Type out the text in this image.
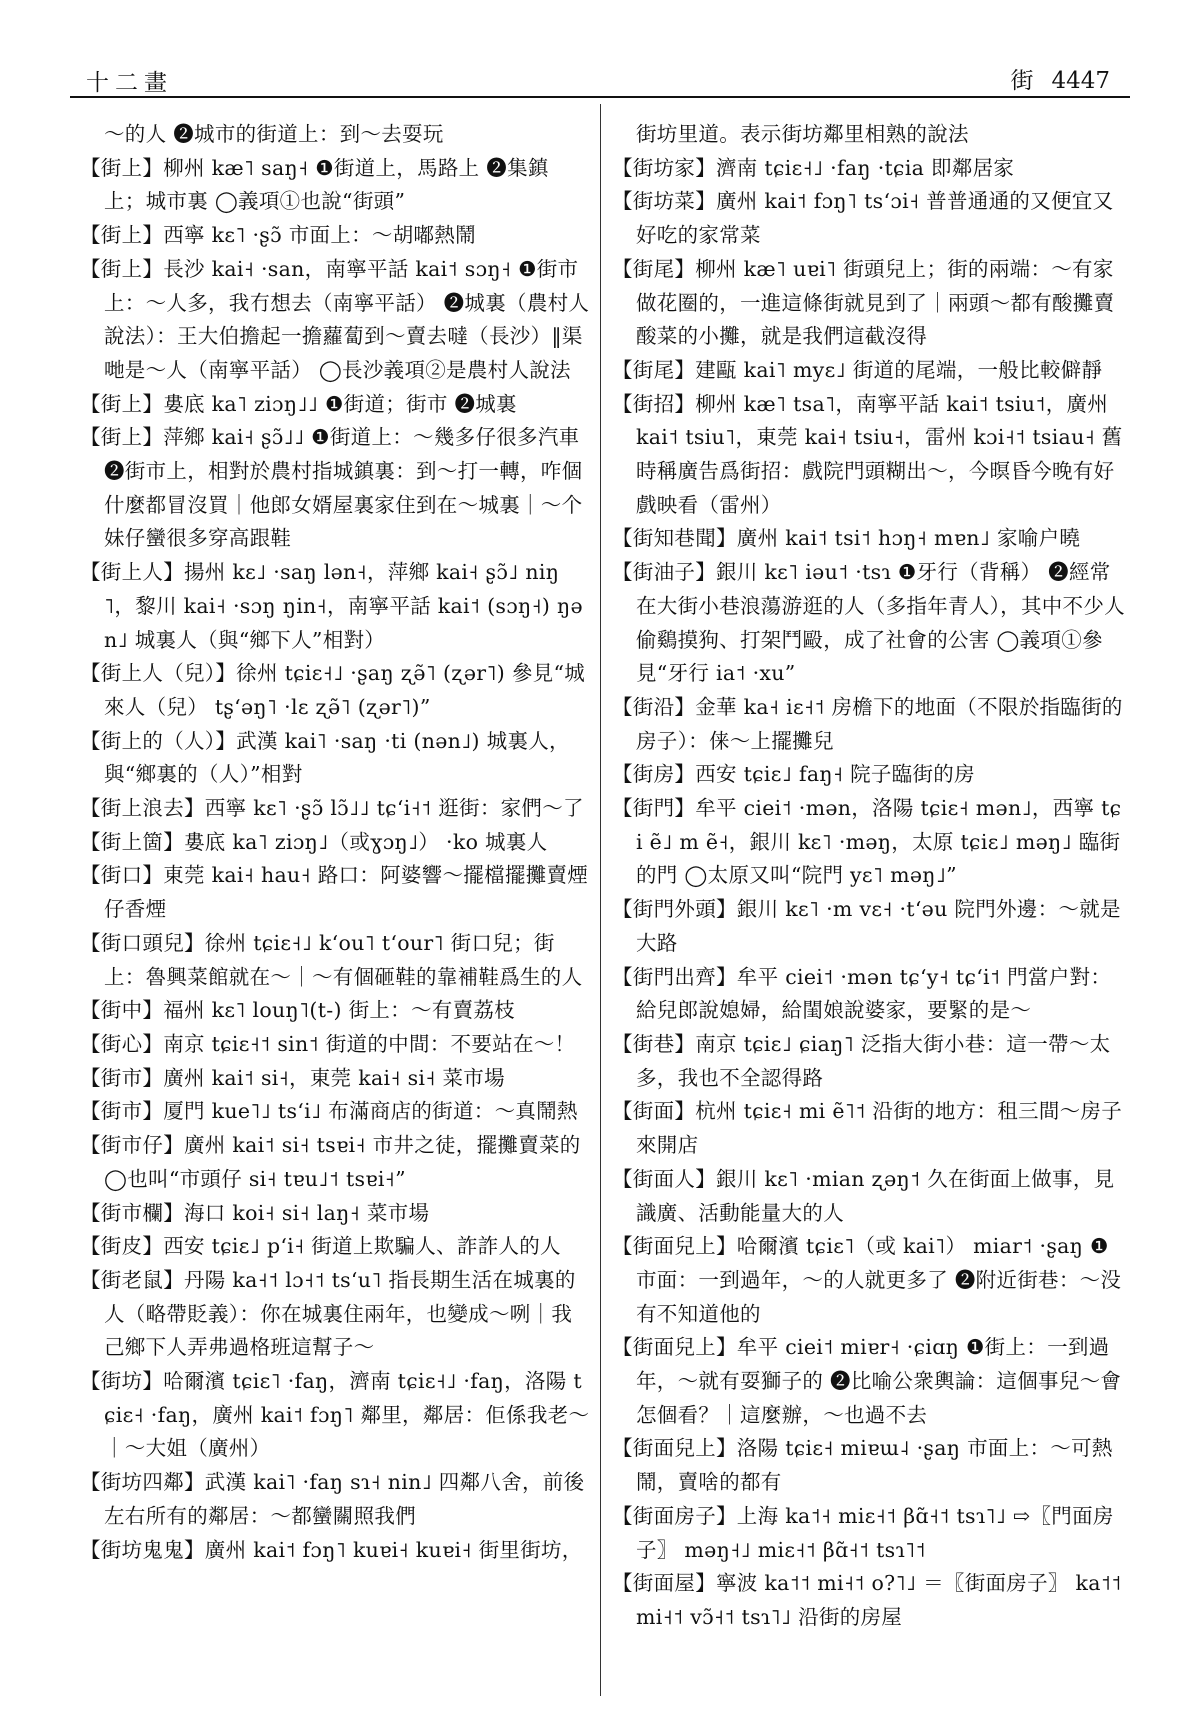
十二畫	街 4447

～的人 ❷城市的街道上：到～去耍玩

【街上】柳州 kæ˥ saŋ˧ ❶街道上，馬路上 ❷集鎮上；城市裏 ◯義項①也說“街頭”

【街上】西寧 kɛ˥ ·ʂɔ̃ 市面上：～胡嘟熱鬧

【街上】長沙 kai˧ ·san，南寧平話 kai˦ sɔŋ˧ ❶街市上：～人多，我冇想去（南寧平話） ❷城裏（農村人說法）：王大伯擔起一擔蘿蔔到～賣去噠（長沙）‖渠哋是～人（南寧平話） ◯長沙義項②是農村人說法

【街上】婁底 ka˥ ziɔŋ˩˩ ❶街道；街市 ❷城裏

【街上】萍鄉 kai˧ ʂɔ̃˩˩ ❶街道上：～幾多仔很多汽車 ❷街市上，相對於農村指城鎮裏：到～打一轉，咋個什麼都冒沒買｜他郎女婿屋裏家住到在～城裏｜～个妹仔蠻很多穿高跟鞋

【街上人】揚州 kɛ˩ ·saŋ lən˧，萍鄉 kai˧ ʂɔ̃˩ niŋ˥，黎川 kai˧ ·sɔŋ ŋin˧，南寧平話 kai˦ (sɔŋ˧) ŋən˩ 城裏人（與“鄉下人”相對）

【街上人（兒）】徐州 tɕiɛ˧˩ ·ʂaŋ ʐə̃˥ (ʐər˥) 參見“城來人（兒） tʂʻəŋ˥ ·lɛ ʐə̃˥ (ʐər˥)”

【街上的（人）】武漢 kai˥ ·saŋ ·ti (nən˩) 城裏人，與“鄉裏的（人）”相對

【街上浪去】西寧 kɛ˥ ·ʂɔ̃ lɔ̃˩˩ tɕʻi˧˦ 逛街：家們～了

【街上箇】婁底 ka˥ ziɔŋ˩（或ɣɔŋ˩） ·ko 城裏人

【街口】東莞 kai˧ hau˧ 路口：阿婆響～擺檔擺攤賣煙仔香煙

【街口頭兒】徐州 tɕiɛ˧˩ kʻou˥ tʻour˥ 街口兒；街上：魯興菜館就在～｜～有個砸鞋的靠補鞋爲生的人

【街中】福州 kɛ˥ louŋ˥(t-) 街上：～有賣荔枝

【街心】南京 tɕiɛ˧˦ sin˦ 街道的中間：不要站在～！

【街市】廣州 kai˦ si˧，東莞 kai˧ si˧ 菜市場

【街市】厦門 kue˥˩ tsʻi˩ 布滿商店的街道：～真鬧熱

【街市仔】廣州 kai˦ si˧ tsɐi˧ 市井之徒，擺攤賣菜的 ◯也叫“市頭仔 si˧ tɐu˩˦ tsɐi˧”

【街市欄】海口 koi˧ si˧ laŋ˧ 菜市場

【街皮】西安 tɕiɛ˩ pʻi˧ 街道上欺騙人、詐詐人的人

【街老鼠】丹陽 ka˧˦ lɔ˧˦ tsʻu˥ 指長期生活在城裏的人（略帶貶義）：你在城裏住兩年，也變成～咧｜我己鄉下人弄弗過格班這幫子～

【街坊】哈爾濱 tɕiɛ˥ ·faŋ，濟南 tɕiɛ˧˩ ·faŋ，洛陽 tɕiɛ˧ ·faŋ，廣州 kai˦ fɔŋ˥ 鄰里，鄰居：佢係我老～｜～大姐（廣州）

【街坊四鄰】武漢 kai˥ ·faŋ sɿ˧ nin˩ 四鄰八舍，前後左右所有的鄰居：～都蠻關照我們

【街坊鬼鬼】廣州 kai˦ fɔŋ˥ kuɐi˧ kuɐi˧ 街里街坊，

街坊里道。表示街坊鄰里相熟的說法

【街坊家】濟南 tɕiɛ˧˩ ·faŋ ·tɕia 即鄰居家

【街坊菜】廣州 kai˦ fɔŋ˥ tsʻɔi˧ 普普通通的又便宜又好吃的家常菜

【街尾】柳州 kæ˥ uɐi˥ 街頭兒上；街的兩端：～有家做花圈的，一進這條街就見到了｜兩頭～都有酸攤賣酸菜的小攤，就是我們這截沒得

【街尾】建甌 kai˥ myɛ˩ 街道的尾端，一般比較僻靜

【街招】柳州 kæ˥ tsa˥，南寧平話 kai˦ tsiu˦，廣州 kai˦ tsiu˥，東莞 kai˧ tsiu˧，雷州 kɔi˧˦ tsiau˧ 舊時稱廣告爲街招：戲院門頭糊出～，今暝昏今晚有好戲映看（雷州）

【街知巷聞】廣州 kai˦ tsi˦ hɔŋ˧ mɐn˩ 家喻户曉

【街油子】銀川 kɛ˥ iəu˦ ·tsɿ ❶牙行（背稱） ❷經常在大街小巷浪蕩游逛的人（多指年青人），其中不少人偷鷄摸狗、打架鬥毆，成了社會的公害 ◯義項①參見“牙行 ia˦ ·xu”

【街沿】金華 ka˧ iɛ˧˦ 房檐下的地面（不限於指臨街的房子）：俫～上擺攤兒

【街房】西安 tɕiɛ˩ faŋ˧ 院子臨街的房

【街門】牟平 ciei˦ ·mən，洛陽 tɕiɛ˧ mən˩，西寧 tɕi ẽ˩ m ẽ˧，銀川 kɛ˥ ·məŋ，太原 tɕiɛ˩ məŋ˩ 臨街的門 ◯太原又叫“院門 yɛ˥ məŋ˩”

【街門外頭】銀川 kɛ˥ ·m vɛ˧ ·tʻəu 院門外邊：～就是大路

【街門出齊】牟平 ciei˦ ·mən tɕʻy˧ tɕʻi˦ 門當户對：給兒郎說媳婦，給閨娘說婆家，要緊的是～

【街巷】南京 tɕiɛ˩ ɕiaŋ˥ 泛指大街小巷：這一帶～太多，我也不全認得路

【街面】杭州 tɕiɛ˧ mi ẽ˥˦ 沿街的地方：租三間～房子來開店

【街面人】銀川 kɛ˥ ·mian ʐəŋ˦ 久在街面上做事，見識廣、活動能量大的人

【街面兒上】哈爾濱 tɕiɛ˥（或 kai˥） miar˦ ·ʂaŋ ❶市面：一到過年，～的人就更多了 ❷附近街巷：～没有不知道他的

【街面兒上】牟平 ciei˦ miɐr˧ ·ɕiɑŋ ❶街上：一到過年，～就有耍獅子的 ❷比喻公衆輿論：這個事兒～會怎個看？｜這麼辦，～也過不去

【街面兒上】洛陽 tɕiɛ˧ miɐɯ˨ ·ʂaŋ 市面上：～可熱鬧，賣啥的都有

【街面房子】上海 ka˦˧ miɛ˧˦ βɑ̃˧˦ tsɿ˥˩ ⇨〖門面房子〗 məŋ˧˩ miɛ˧˦ βɑ̃˧˦ tsɿ˥˦

【街面屋】寧波 ka˦˦ mi˧˦ o?˥˩ ＝〖街面房子〗 ka˦˦ mi˧˦ vɔ̃˧˦ tsɿ˥˩ 沿街的房屋
